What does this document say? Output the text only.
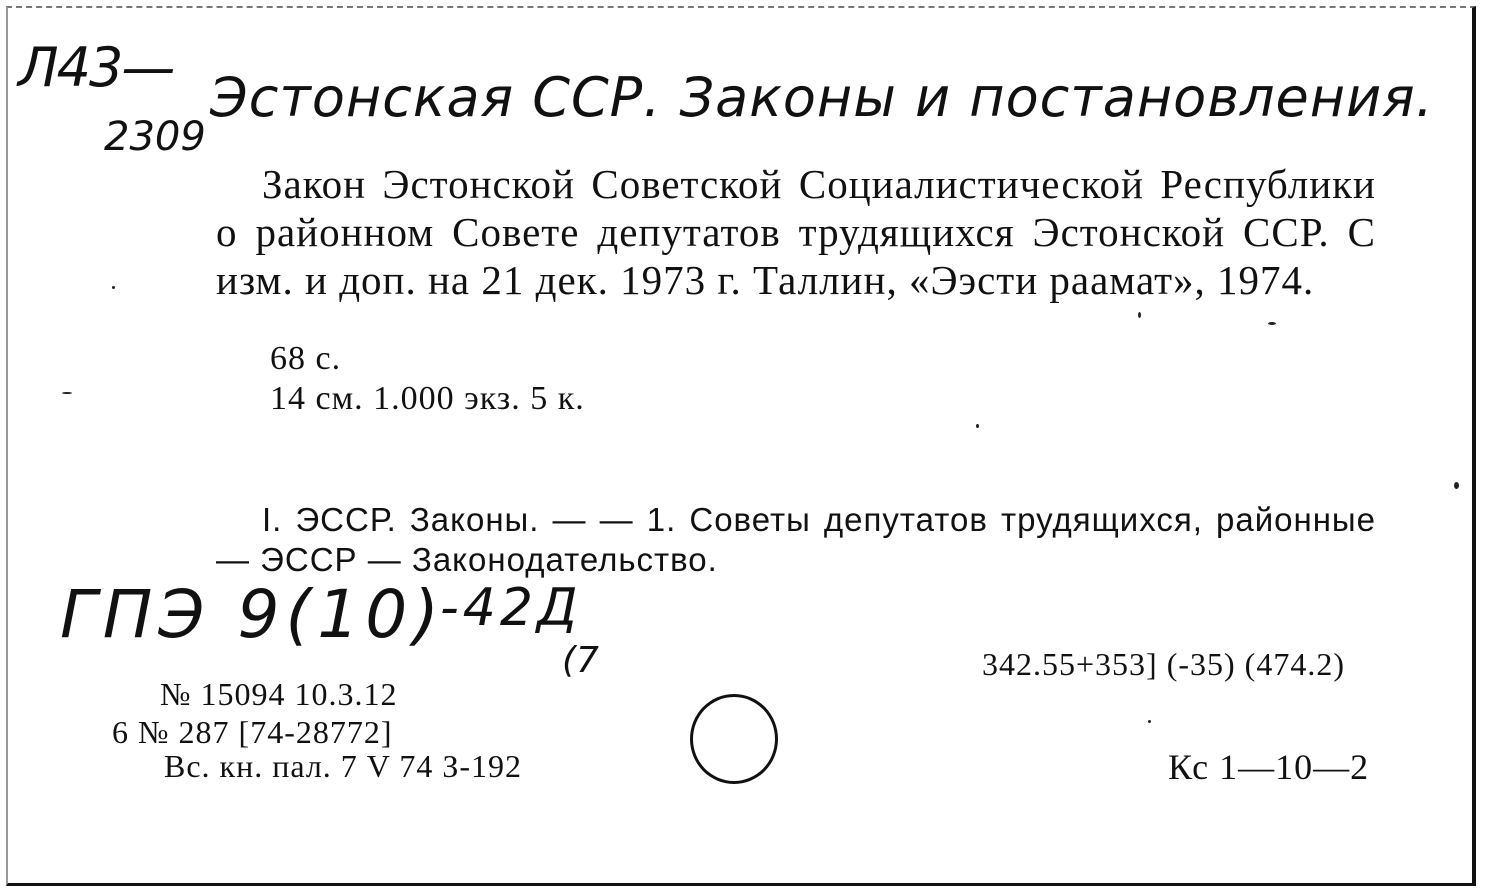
Л43—
2309
Эстонская ССР. Законы и постановления.

Закон Эстонской Советской Социалистической Республики о районном Совете депутатов трудящихся Эстонской ССР. С изм. и доп. на 21 дек. 1973 г. Таллин, «Ээсти раамат», 1974.

68 с.
14 см. 1.000 экз. 5 к.

I. ЭССР. Законы. — — 1. Советы депутатов трудящихся, районные — ЭССР — Законодательство.

ГПЭ 9(10)
-42Д
(7	342.55+353] (-35) (474.2)
№ 15094 10.3.12
6 № 287 [74-28772]
Вс. кн. пал. 7 V 74 З-192	Кс 1—10—2
